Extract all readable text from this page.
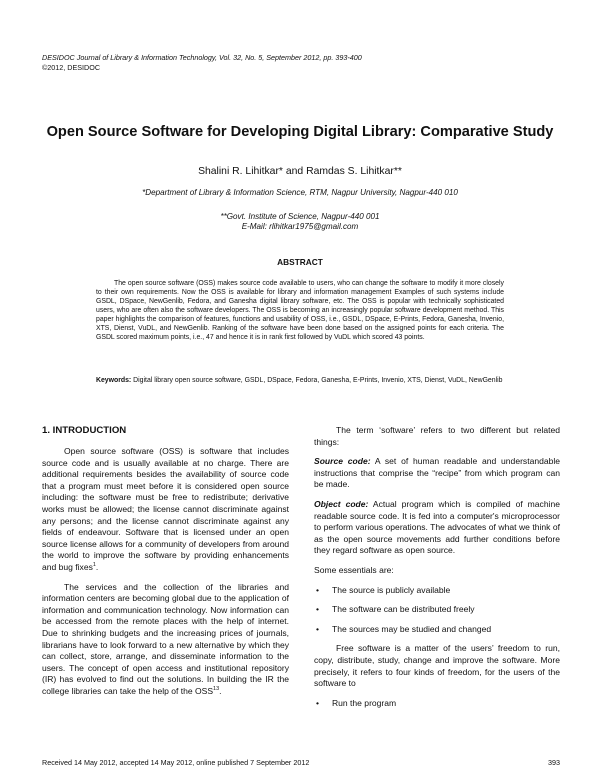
DESIDOC Journal of Library & Information Technology, Vol. 32, No. 5, September 2012, pp. 393-400
©2012, DESIDOC
Open Source Software for Developing Digital Library: Comparative Study
Shalini R. Lihitkar* and Ramdas S. Lihitkar**
*Department of Library & Information Science, RTM, Nagpur University, Nagpur-440 010
**Govt. Institute of Science, Nagpur-440 001
E-Mail: rlihitkar1975@gmail.com
ABSTRACT
The open source software (OSS) makes source code available to users, who can change the software to modify it more closely to their own requirements. Now the OSS is available for library and information management Examples of such systems include GSDL, DSpace, NewGenlib, Fedora, and Ganesha digital library software, etc. The OSS is popular with technically sophisticated users, who are often also the software developers. The OSS is becoming an increasingly popular software development method. This paper highlights the comparison of features, functions and usability of OSS, i.e., GSDL, DSpace, E-Prints, Fedora, Ganesha, Invenio, XTS, Dienst, VuDL, and NewGenlib. Ranking of the software have been done based on the assigned points for each criteria. The GSDL scored maximum points, i.e., 47 and hence it is in rank first followed by VuDL which scored 43 points.
Keywords: Digital library open source software, GSDL, DSpace, Fedora, Ganesha, E-Prints, Invenio, XTS, Dienst, VuDL, NewGenlib
1. INTRODUCTION

Open source software (OSS) is software that includes source code and is usually available at no charge. There are additional requirements besides the availability of source code that a program must meet before it is considered open source including: the software must be free to redistribute; derivative works must be allowed; the license cannot discriminate against any persons; and the license cannot discriminate against any fields of endeavour. Software that is licensed under an open source license allows for a community of developers from around the world to improve the software by providing enhancements and bug fixes$^1$.

The services and the collection of the libraries and information centers are becoming global due to the application of information and communication technology. Now information can be accessed from the remote places with the help of internet. Due to shrinking budgets and the increasing prices of journals, librarians have to look forward to a new alternative by which they can collect, store, arrange, and disseminate information to the users. The concept of open access and institutional repository (IR) has evolved to find out the solutions. In building the IR the college libraries can take the help of the OSS$^{13}$.

The term ‘software’ refers to two different but related things:

Source code: A set of human readable and understandable instructions that comprise the “recipe” from which program can be made.

Object code: Actual program which is compiled of machine readable source code. It is fed into a computer's microprocessor to perform various operations. The advocates of what we think of as the open source movements add further conditions before they regard software as open source.

Some essentials are:

• The source is publicly available
• The software can be distributed freely
• The sources may be studied and changed

Free software is a matter of the users’ freedom to run, copy, distribute, study, change and improve the software. More precisely, it refers to four kinds of freedom, for the users of the software to

• Run the program
Received 14 May 2012, accepted 14 May 2012, online published 7 September 2012	393
